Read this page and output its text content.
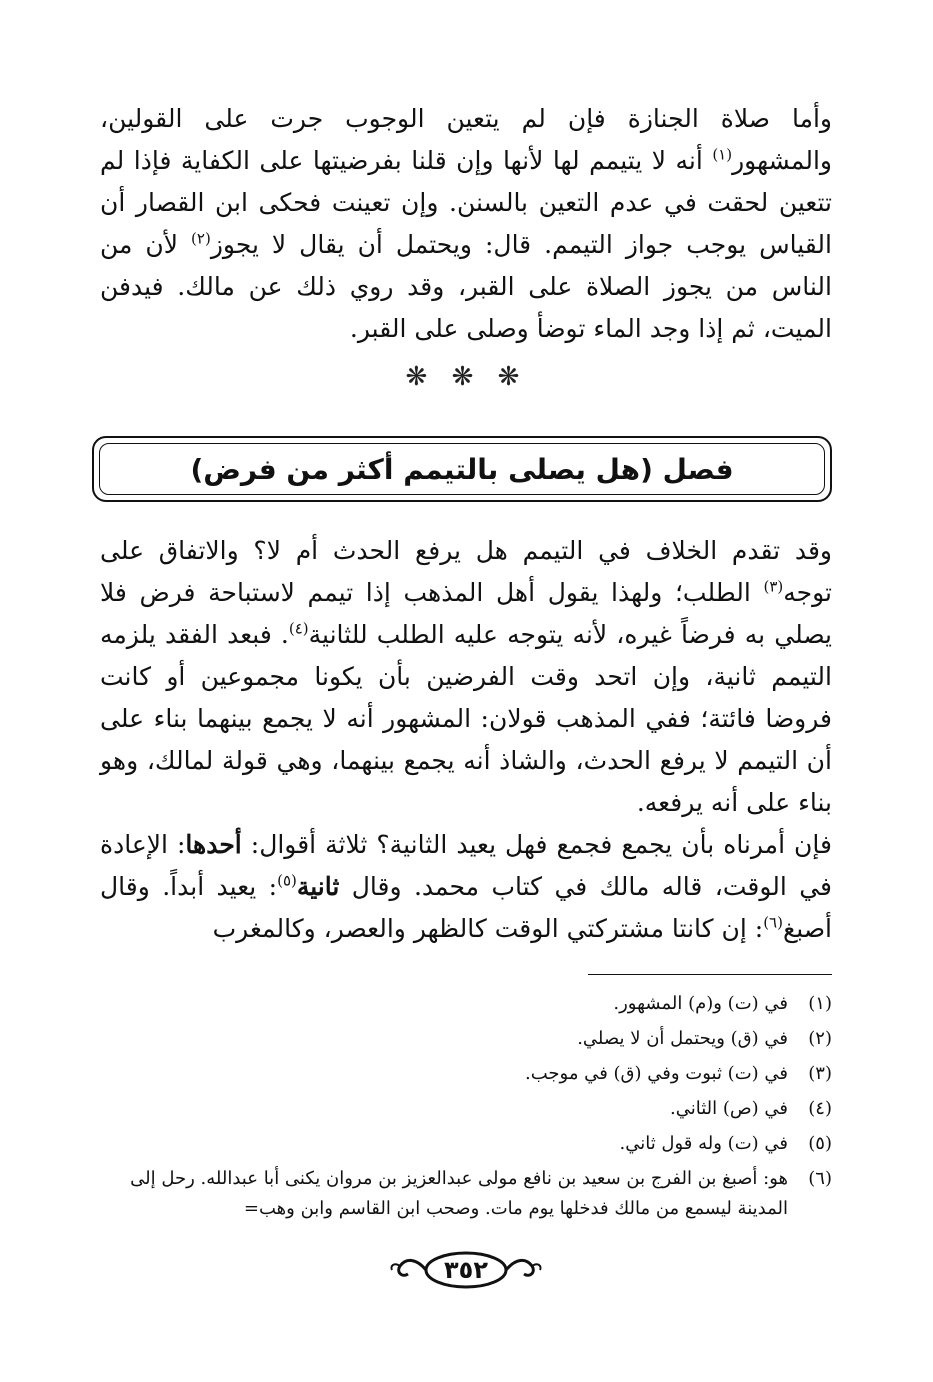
وأما صلاة الجنازة فإن لم يتعين الوجوب جرت على القولين، والمشهور$^{(١)}$ أنه لا يتيمم لها لأنها وإن قلنا بفرضيتها على الكفاية فإذا لم تتعين لحقت في عدم التعين بالسنن. وإن تعينت فحكى ابن القصار أن القياس يوجب جواز التيمم. قال: ويحتمل أن يقال لا يجوز$^{(٢)}$ لأن من الناس من يجوز الصلاة على القبر، وقد روي ذلك عن مالك. فيدفن الميت، ثم إذا وجد الماء توضأ وصلى على القبر.

❋ ❋ ❋
فصل (هل يصلى بالتيمم أكثر من فرض)

وقد تقدم الخلاف في التيمم هل يرفع الحدث أم لا؟ والاتفاق على توجه$^{(٣)}$ الطلب؛ ولهذا يقول أهل المذهب إذا تيمم لاستباحة فرض فلا يصلي به فرضاً غيره، لأنه يتوجه عليه الطلب للثانية$^{(٤)}$. فبعد الفقد يلزمه التيمم ثانية، وإن اتحد وقت الفرضين بأن يكونا مجموعين أو كانت فروضا فائتة؛ ففي المذهب قولان: المشهور أنه لا يجمع بينهما بناء على أن التيمم لا يرفع الحدث، والشاذ أنه يجمع بينهما، وهي قولة لمالك، وهو بناء على أنه يرفعه.

فإن أمرناه بأن يجمع فجمع فهل يعيد الثانية؟ ثلاثة أقوال: أحدها: الإعادة في الوقت، قاله مالك في كتاب محمد. وقال ثانية$^{(٥)}$: يعيد أبداً. وقال أصبغ$^{(٦)}$: إن كانتا مشتركتي الوقت كالظهر والعصر، وكالمغرب

(١)
في (ت) و(م) المشهور.
(٢)
في (ق) ويحتمل أن لا يصلي.
(٣)
في (ت) ثبوت وفي (ق) في موجب.
(٤)
في (ص) الثاني.
(٥)
في (ت) وله قول ثاني.
(٦)
هو: أصبغ بن الفرج بن سعيد بن نافع مولى عبدالعزيز بن مروان يكنى أبا عبدالله. رحل إلى المدينة ليسمع من مالك فدخلها يوم مات. وصحب ابن القاسم وابن وهب=
٣٥٢
